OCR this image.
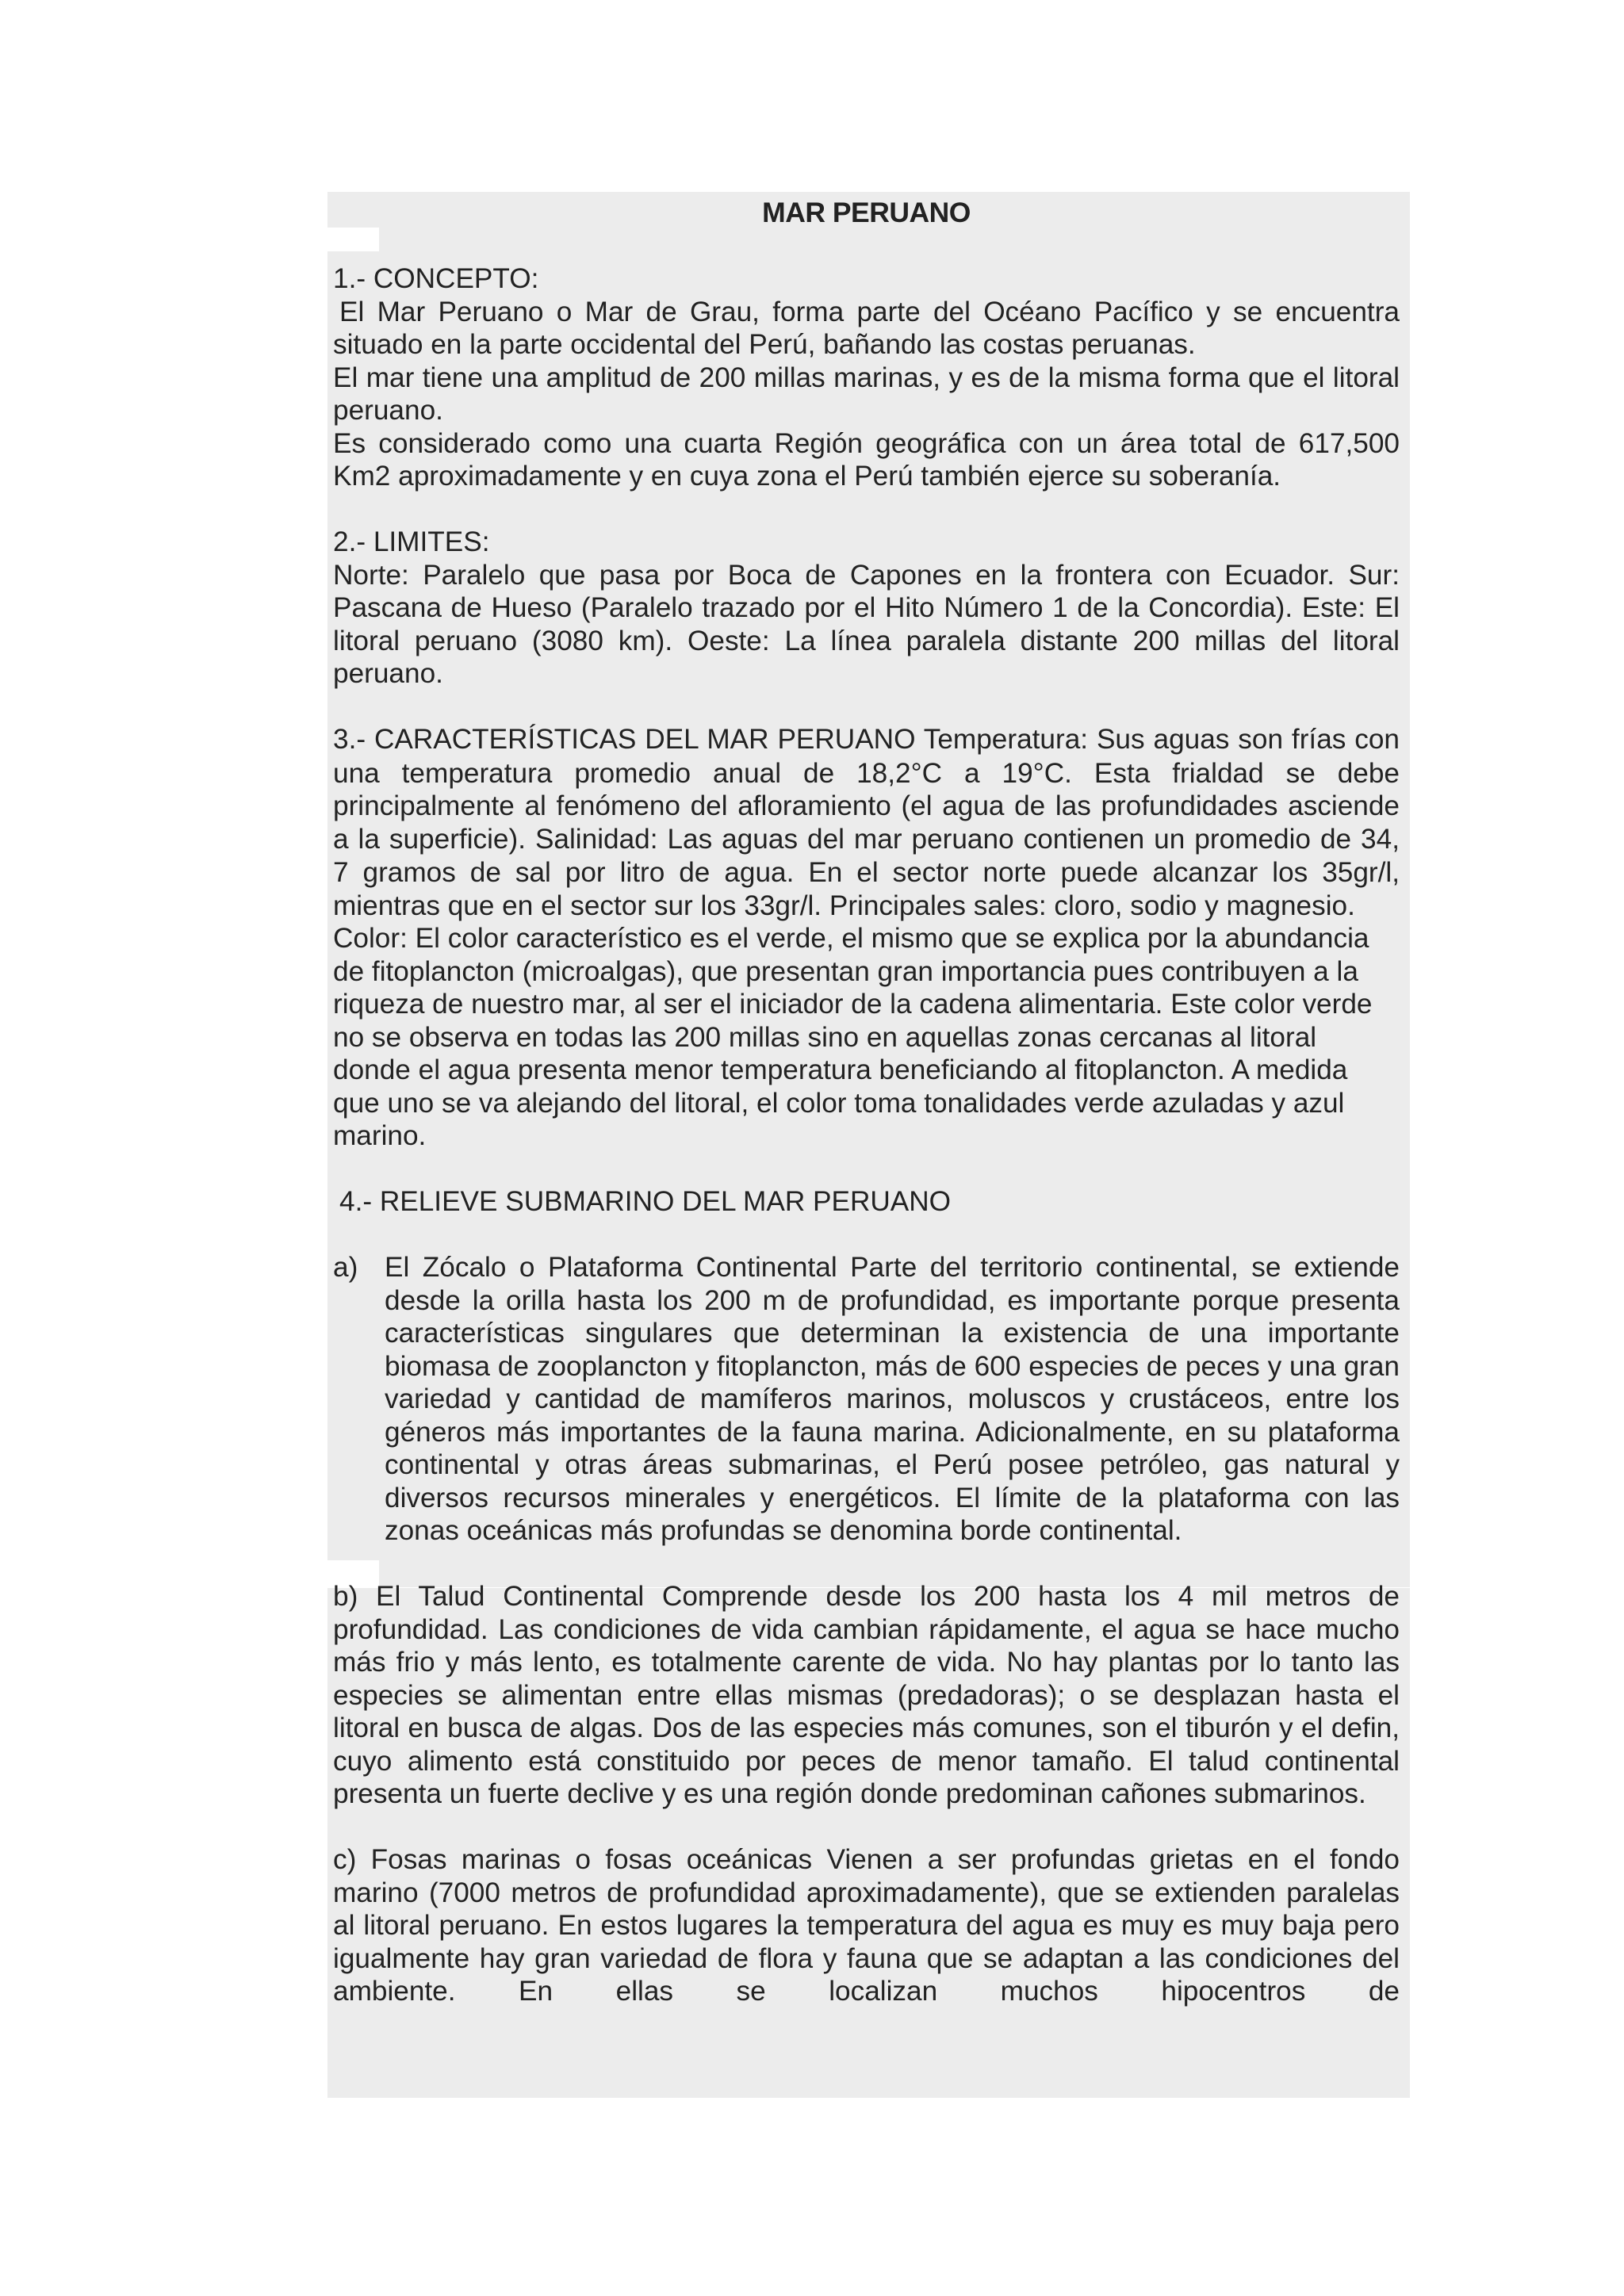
MAR PERUANO

1.- CONCEPTO:

El Mar Peruano o Mar de Grau, forma parte del Océano Pacífico y se encuentra situado en la parte occidental del Perú, bañando las costas peruanas.

El mar tiene una amplitud de 200 millas marinas, y es de la misma forma que el litoral peruano.

Es considerado como una cuarta Región geográfica con un área total de 617,500 Km2 aproximadamente y en cuya zona el Perú también ejerce su soberanía.

2.- LIMITES:

Norte: Paralelo que pasa por Boca de Capones en la frontera con Ecuador. Sur: Pascana de Hueso (Paralelo trazado por el Hito Número 1 de la Concordia). Este: El litoral peruano (3080 km). Oeste: La línea paralela distante 200 millas del litoral peruano.

3.- CARACTERÍSTICAS DEL MAR PERUANO Temperatura: Sus aguas son frías con una temperatura promedio anual de 18,2°C a 19°C. Esta frialdad se debe principalmente al fenómeno del afloramiento (el agua de las profundidades asciende a la superficie). Salinidad: Las aguas del mar peruano contienen un promedio de 34, 7 gramos de sal por litro de agua. En el sector norte puede alcanzar los 35gr/l, mientras que en el sector sur los 33gr/l. Principales sales: cloro, sodio y magnesio.

Color: El color característico es el verde, el mismo que se explica por la abundancia de fitoplancton (microalgas), que presentan gran importancia pues contribuyen a la riqueza de nuestro mar, al ser el iniciador de la cadena alimentaria. Este color verde no se observa en todas las 200 millas sino en aquellas zonas cercanas al litoral donde el agua presenta menor temperatura beneficiando al fitoplancton. A medida que uno se va alejando del litoral, el color toma tonalidades verde azuladas y azul marino.

4.- RELIEVE SUBMARINO DEL MAR PERUANO

a) El Zócalo o Plataforma Continental Parte del territorio continental, se extiende desde la orilla hasta los 200 m de profundidad, es importante porque presenta características singulares que determinan la existencia de una importante biomasa de zooplancton y fitoplancton, más de 600 especies de peces y una gran variedad y cantidad de mamíferos marinos, moluscos y crustáceos, entre los géneros más importantes de la fauna marina. Adicionalmente, en su plataforma continental y otras áreas submarinas, el Perú posee petróleo, gas natural y diversos recursos minerales y energéticos. El límite de la plataforma con las zonas oceánicas más profundas se denomina borde continental.

b) El Talud Continental Comprende desde los 200 hasta los 4 mil metros de profundidad. Las condiciones de vida cambian rápidamente, el agua se hace mucho más frio y más lento, es totalmente carente de vida. No hay plantas por lo tanto las especies se alimentan entre ellas mismas (predadoras); o se desplazan hasta el litoral en busca de algas. Dos de las especies más comunes, son el tiburón y el defin, cuyo alimento está constituido por peces de menor tamaño. El talud continental presenta un fuerte declive y es una región donde predominan cañones submarinos.

c) Fosas marinas o fosas oceánicas Vienen a ser profundas grietas en el fondo marino (7000 metros de profundidad aproximadamente), que se extienden paralelas al litoral peruano. En estos lugares la temperatura del agua es muy es muy baja pero igualmente hay gran variedad de flora y fauna que se adaptan a las condiciones del ambiente. En ellas se localizan muchos hipocentros de
